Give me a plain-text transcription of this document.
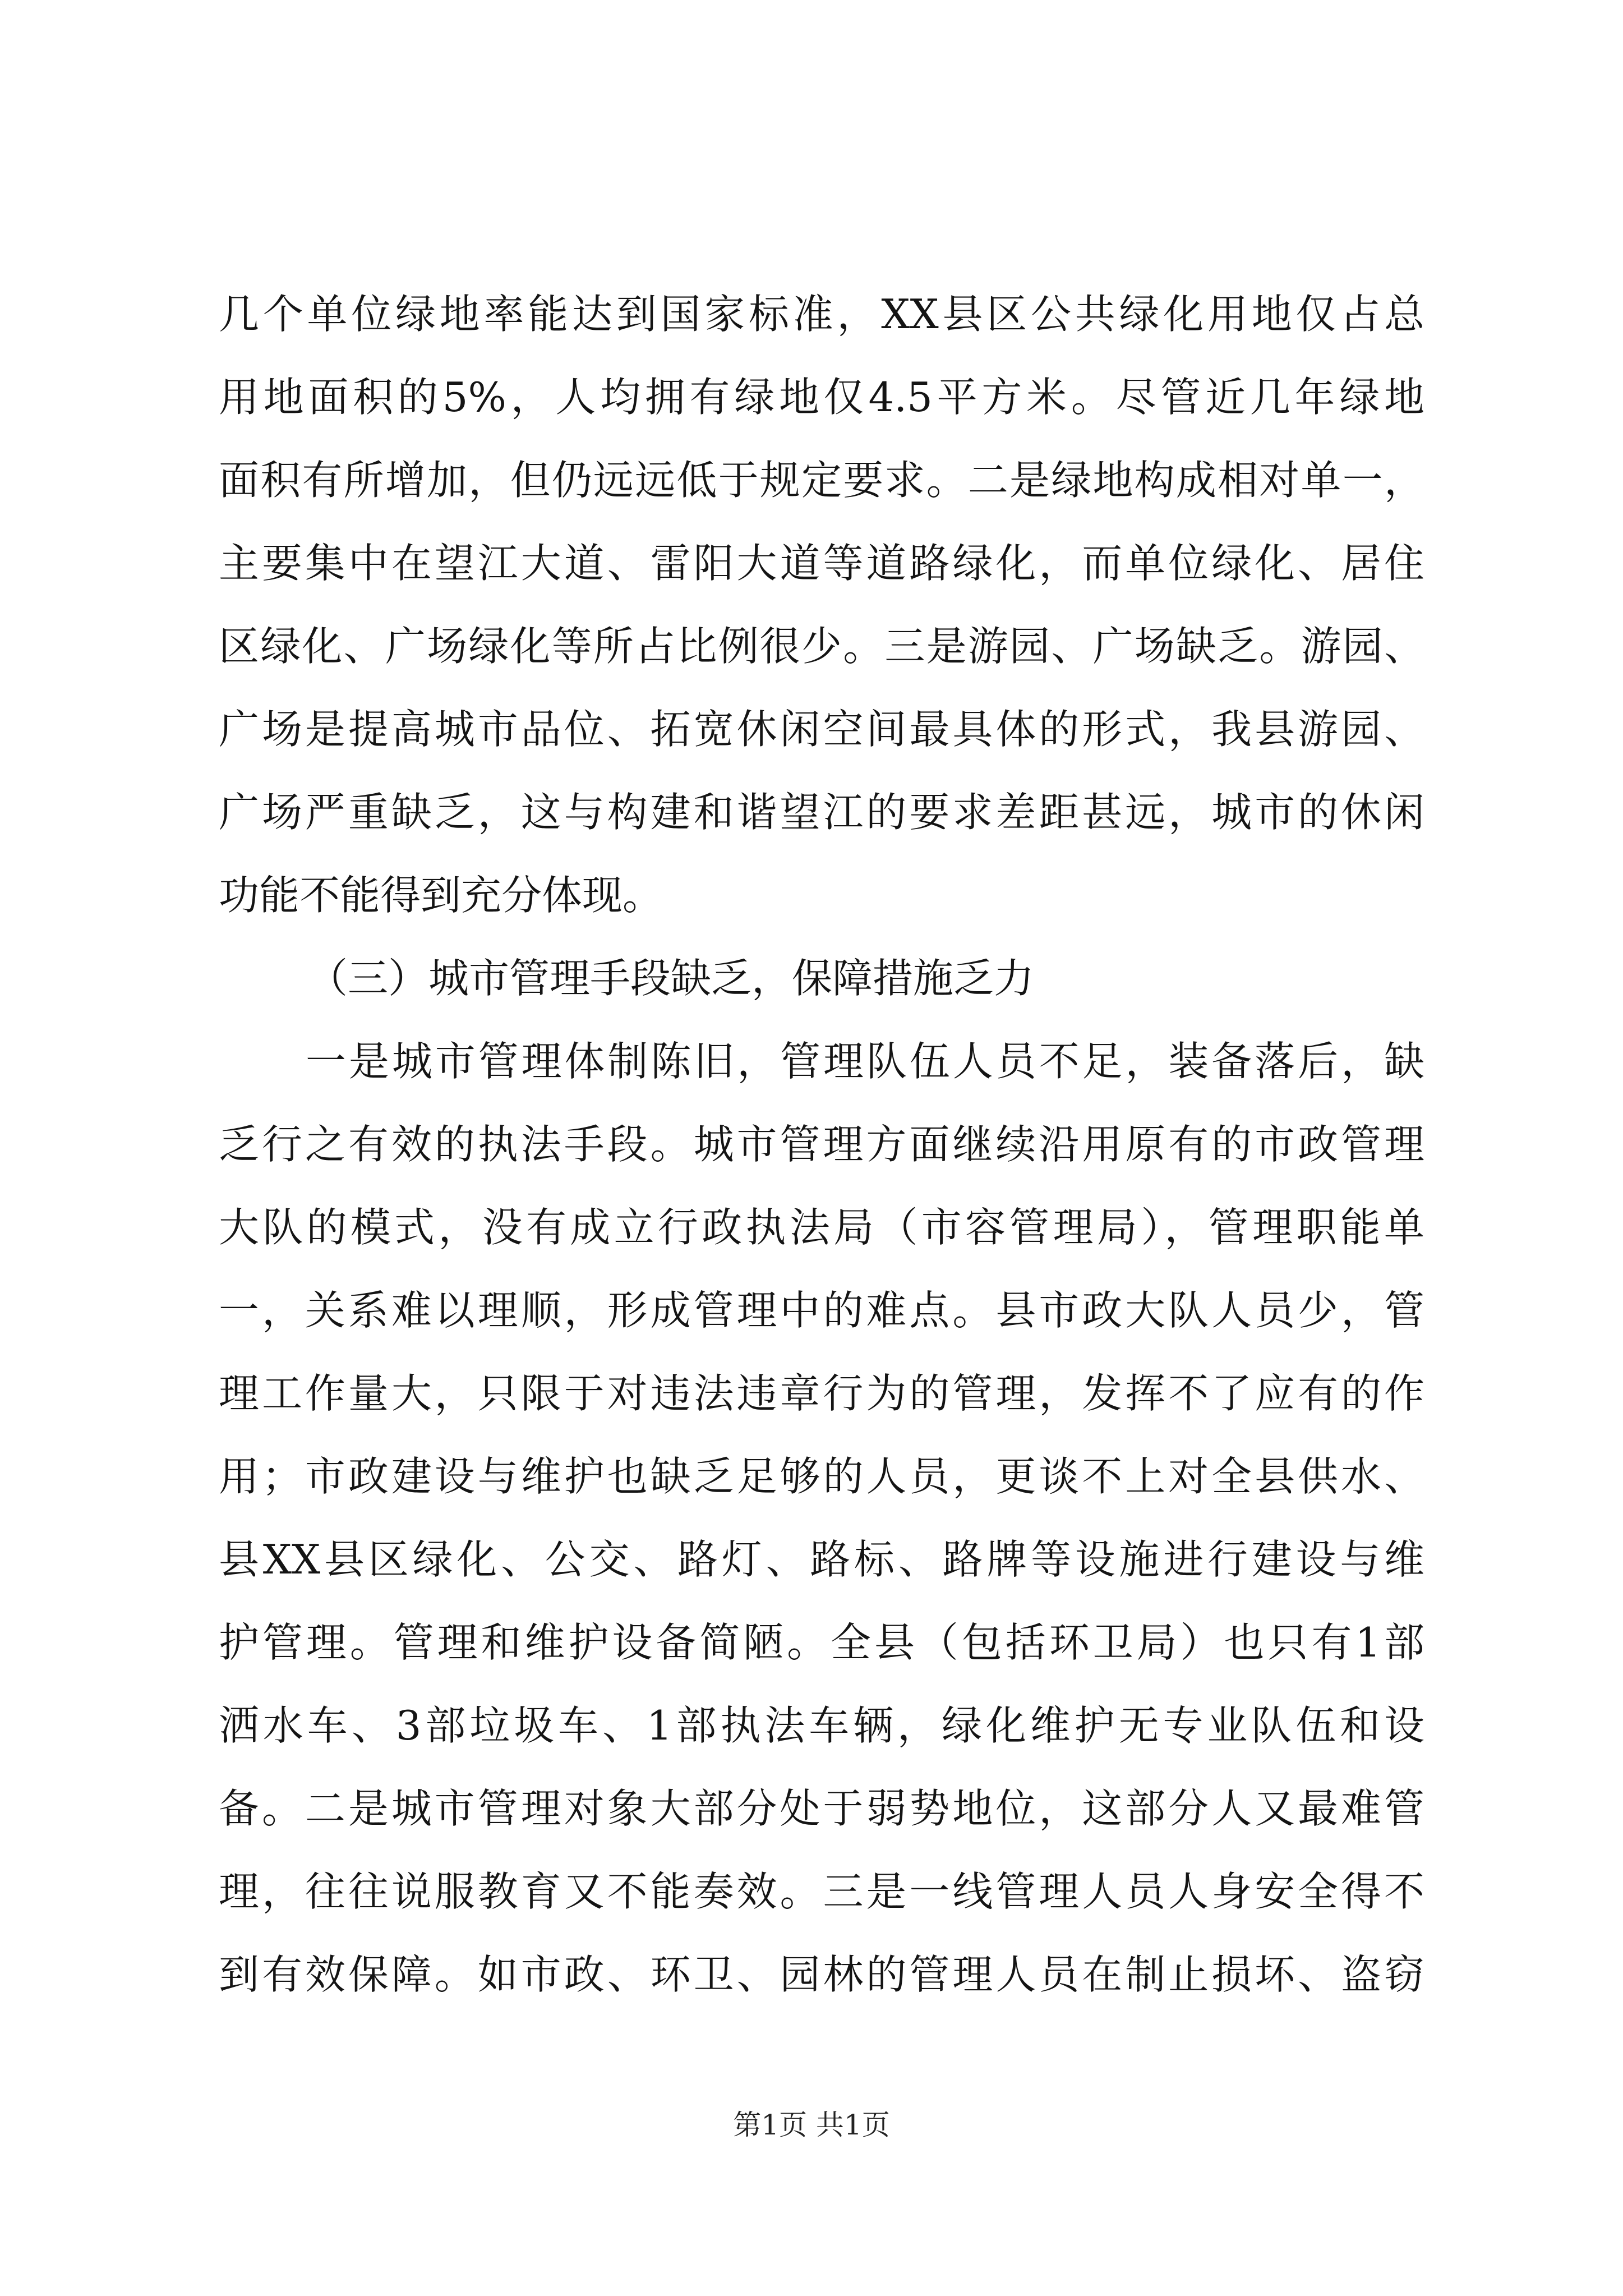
几个单位绿地率能达到国家标准，XX县区公共绿化用地仅占总
用地面积的5%，人均拥有绿地仅4.5平方米。尽管近几年绿地
面积有所增加，但仍远远低于规定要求。二是绿地构成相对单一，
主要集中在望江大道、雷阳大道等道路绿化，而单位绿化、居住
区绿化、广场绿化等所占比例很少。三是游园、广场缺乏。游园、
广场是提高城市品位、拓宽休闲空间最具体的形式，我县游园、
广场严重缺乏，这与构建和谐望江的要求差距甚远，城市的休闲
功能不能得到充分体现。
（三）城市管理手段缺乏，保障措施乏力
一是城市管理体制陈旧，管理队伍人员不足，装备落后，缺
乏行之有效的执法手段。城市管理方面继续沿用原有的市政管理
大队的模式，没有成立行政执法局（市容管理局），管理职能单
一，关系难以理顺，形成管理中的难点。县市政大队人员少，管
理工作量大，只限于对违法违章行为的管理，发挥不了应有的作
用；市政建设与维护也缺乏足够的人员，更谈不上对全县供水、
县XX县区绿化、公交、路灯、路标、路牌等设施进行建设与维
护管理。管理和维护设备简陋。全县（包括环卫局）也只有1部
洒水车、3部垃圾车、1部执法车辆，绿化维护无专业队伍和设
备。二是城市管理对象大部分处于弱势地位，这部分人又最难管
理，往往说服教育又不能奏效。三是一线管理人员人身安全得不
到有效保障。如市政、环卫、园林的管理人员在制止损坏、盗窃
第1页 共1页
